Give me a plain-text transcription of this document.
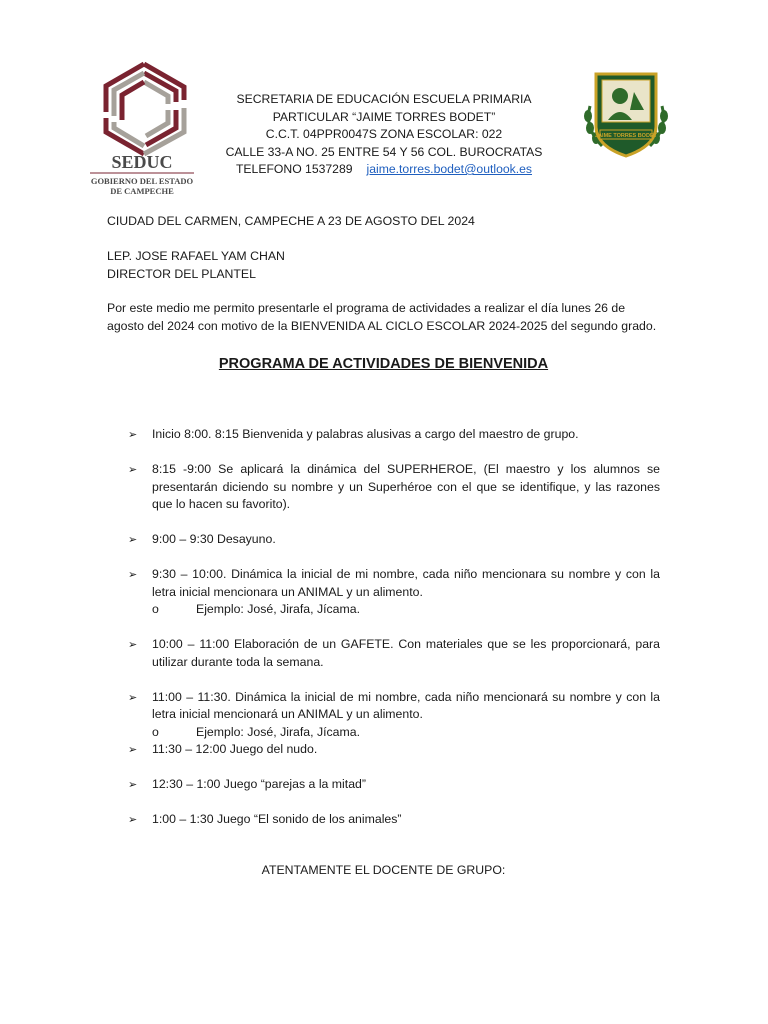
SEDUC
GOBIERNO DEL ESTADO
DE CAMPECHE
JAIME TORRES BODET
SECRETARIA DE EDUCACIÓN ESCUELA PRIMARIA
PARTICULAR “JAIME TORRES BODET”
C.C.T. 04PPR0047S ZONA ESCOLAR: 022
CALLE 33-A NO. 25 ENTRE 54 Y 56 COL. BUROCRATAS
TELEFONO 1537289 jaime.torres.bodet@outlook.es
CIUDAD DEL CARMEN, CAMPECHE A 23 DE AGOSTO DEL 2024
LEP. JOSE RAFAEL YAM CHAN
DIRECTOR DEL PLANTEL
Por este medio me permito presentarle el programa de actividades a realizar el día lunes 26 de agosto del 2024 con motivo de la BIENVENIDA AL CICLO ESCOLAR 2024-2025 del segundo grado.
PROGRAMA DE ACTIVIDADES DE BIENVENIDA
➢ Inicio 8:00. 8:15 Bienvenida y palabras alusivas a cargo del maestro de grupo.
➢ 8:15 -9:00 Se aplicará la dinámica del SUPERHEROE, (El maestro y los alumnos se presentarán diciendo su nombre y un Superhéroe con el que se identifique, y las razones que lo hacen su favorito).
➢ 9:00 – 9:30 Desayuno.
➢ 9:30 – 10:00. Dinámica la inicial de mi nombre, cada niño mencionara su nombre y con la letra inicial mencionara un ANIMAL y un alimento.
o	Ejemplo: José, Jirafa, Jícama.
➢ 10:00 – 11:00 Elaboración de un GAFETE. Con materiales que se les proporcionará, para utilizar durante toda la semana.
➢ 11:00 – 11:30. Dinámica la inicial de mi nombre, cada niño mencionará su nombre y con la letra inicial mencionará un ANIMAL y un alimento.
o	Ejemplo: José, Jirafa, Jícama.
➢ 11:30 – 12:00 Juego del nudo.
➢ 12:30 – 1:00 Juego “parejas a la mitad”
➢ 1:00 – 1:30 Juego “El sonido de los animales”
ATENTAMENTE EL DOCENTE DE GRUPO:
